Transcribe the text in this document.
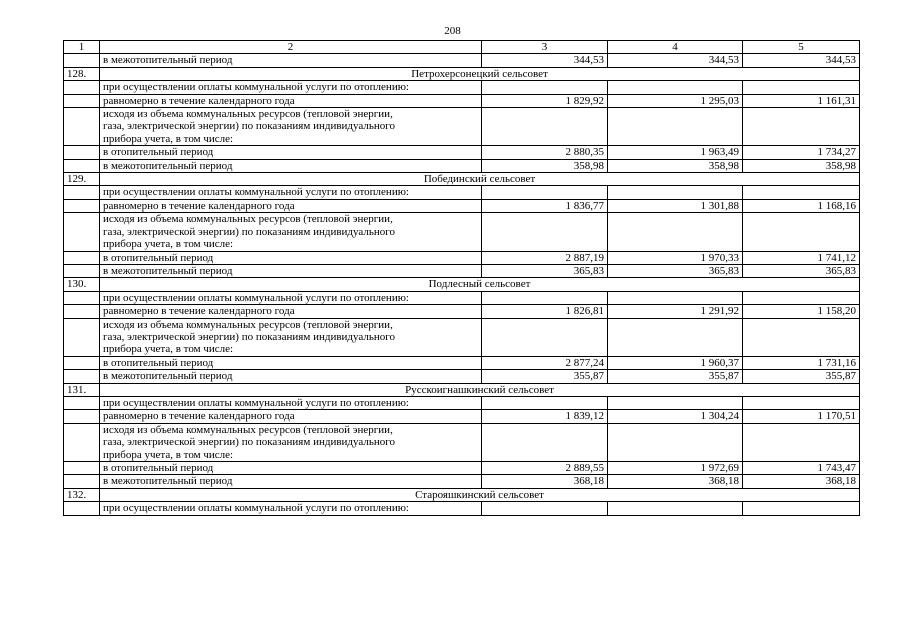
208
1	2	3	4	5
	в межотопительный период	344,53	344,53	344,53
128.	Петрохерсонецкий сельсовет			
	при осуществлении оплаты коммунальной услуги по отоплению:			
	равномерно в течение календарного года	1 829,92	1 295,03	1 161,31

	исходя из объема коммунальных ресурсов (тепловой энергии,
газа, электрической энергии) по показаниям индивидуального
прибора учета, в том числе:			

	в отопительный период	2 880,35	1 963,49	1 734,27
	в межотопительный период	358,98	358,98	358,98
129.	Побединский сельсовет			
	при осуществлении оплаты коммунальной услуги по отоплению:			
	равномерно в течение календарного года	1 836,77	1 301,88	1 168,16

	исходя из объема коммунальных ресурсов (тепловой энергии,
газа, электрической энергии) по показаниям индивидуального
прибора учета, в том числе:			

	в отопительный период	2 887,19	1 970,33	1 741,12
	в межотопительный период	365,83	365,83	365,83
130.	Подлесный сельсовет			
	при осуществлении оплаты коммунальной услуги по отоплению:			
	равномерно в течение календарного года	1 826,81	1 291,92	1 158,20

	исходя из объема коммунальных ресурсов (тепловой энергии,
газа, электрической энергии) по показаниям индивидуального
прибора учета, в том числе:			

	в отопительный период	2 877,24	1 960,37	1 731,16
	в межотопительный период	355,87	355,87	355,87
131.	Русскоигнашкинский сельсовет			
	при осуществлении оплаты коммунальной услуги по отоплению:			
	равномерно в течение календарного года	1 839,12	1 304,24	1 170,51

	исходя из объема коммунальных ресурсов (тепловой энергии,
газа, электрической энергии) по показаниям индивидуального
прибора учета, в том числе:			

	в отопительный период	2 889,55	1 972,69	1 743,47
	в межотопительный период	368,18	368,18	368,18
132.	Старояшкинский сельсовет			
	при осуществлении оплаты коммунальной услуги по отоплению:			
